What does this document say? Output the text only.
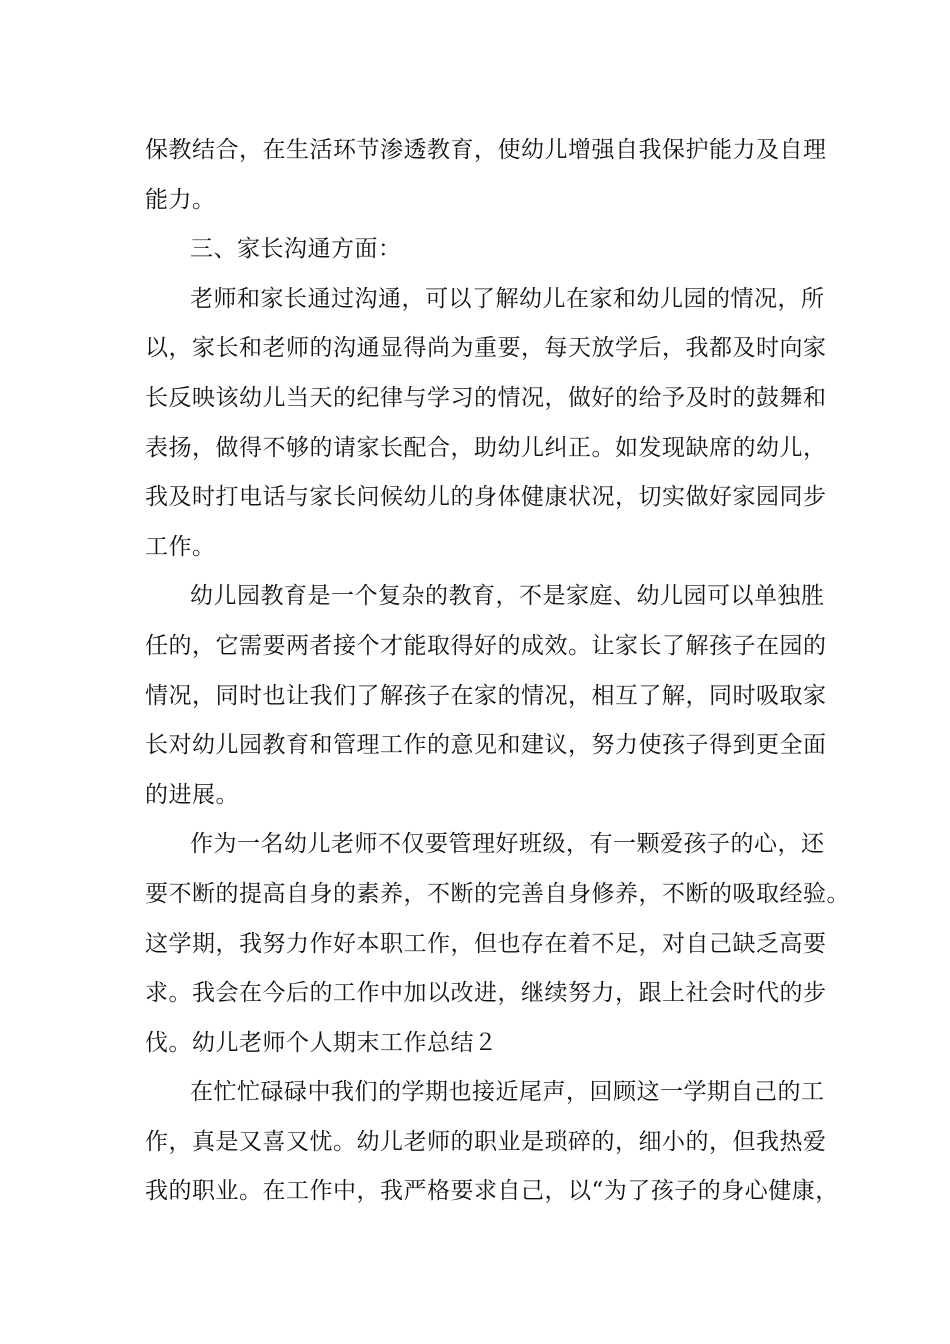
保教结合，在生活环节渗透教育，使幼儿增强自我保护能力及自理
能力。
三、家长沟通方面：
老师和家长通过沟通，可以了解幼儿在家和幼儿园的情况，所
以，家长和老师的沟通显得尚为重要，每天放学后，我都及时向家
长反映该幼儿当天的纪律与学习的情况，做好的给予及时的鼓舞和
表扬，做得不够的请家长配合，助幼儿纠正。如发现缺席的幼儿，
我及时打电话与家长问候幼儿的身体健康状况，切实做好家园同步
工作。
幼儿园教育是一个复杂的教育，不是家庭、幼儿园可以单独胜
任的，它需要两者接个才能取得好的成效。让家长了解孩子在园的
情况，同时也让我们了解孩子在家的情况，相互了解，同时吸取家
长对幼儿园教育和管理工作的意见和建议，努力使孩子得到更全面
的进展。
作为一名幼儿老师不仅要管理好班级，有一颗爱孩子的心，还
要不断的提高自身的素养，不断的完善自身修养，不断的吸取经验。
这学期，我努力作好本职工作，但也存在着不足，对自己缺乏高要
求。我会在今后的工作中加以改进，继续努力，跟上社会时代的步
伐。幼儿老师个人期末工作总结２
在忙忙碌碌中我们的学期也接近尾声，回顾这一学期自己的工
作，真是又喜又忧。幼儿老师的职业是琐碎的，细小的，但我热爱
我的职业。在工作中，我严格要求自己，以“为了孩子的身心健康，
